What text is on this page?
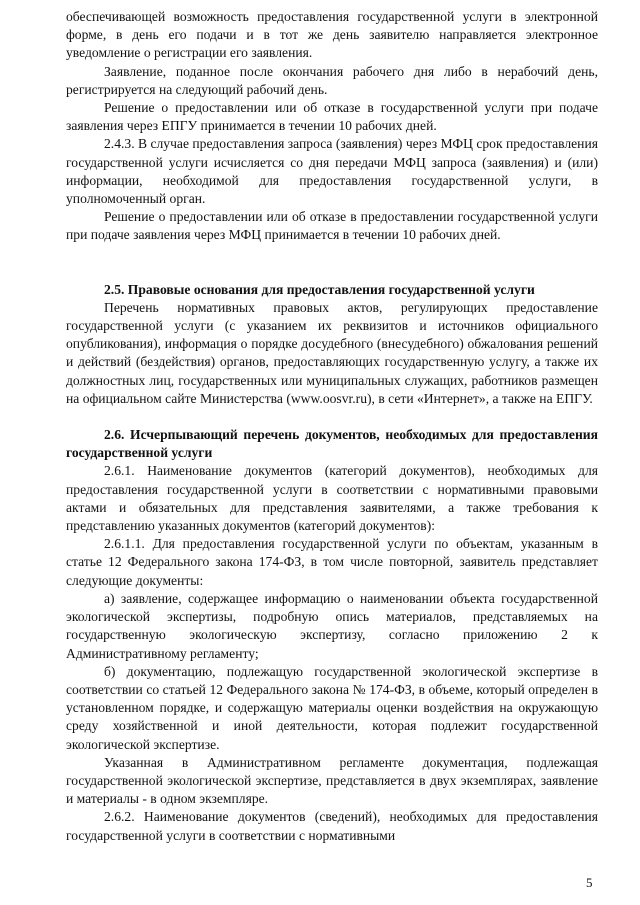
обеспечивающей возможность предоставления государственной услуги в электронной форме, в день его подачи и в тот же день заявителю направляется электронное уведомление о регистрации его заявления.

Заявление, поданное после окончания рабочего дня либо в нерабочий день, регистрируется на следующий рабочий день.

Решение о предоставлении или об отказе в государственной услуги при подаче заявления через ЕПГУ принимается в течении 10 рабочих дней.

2.4.3. В случае предоставления запроса (заявления) через МФЦ срок предоставления государственной услуги исчисляется со дня передачи МФЦ запроса (заявления) и (или) информации, необходимой для предоставления государственной услуги, в уполномоченный орган.

Решение о предоставлении или об отказе в предоставлении государственной услуги при подаче заявления через МФЦ принимается в течении 10 рабочих дней.

2.5. Правовые основания для предоставления государственной услуги

Перечень нормативных правовых актов, регулирующих предоставление государственной услуги (с указанием их реквизитов и источников официального опубликования), информация о порядке досудебного (внесудебного) обжалования решений и действий (бездействия) органов, предоставляющих государственную услугу, а также их должностных лиц, государственных или муниципальных служащих, работников размещен на официальном сайте Министерства (www.oosvr.ru), в сети «Интернет», а также на ЕПГУ.

2.6. Исчерпывающий перечень документов, необходимых для предоставления государственной услуги

2.6.1. Наименование документов (категорий документов), необходимых для предоставления государственной услуги в соответствии с нормативными правовыми актами и обязательных для представления заявителями, а также требования к представлению указанных документов (категорий документов):

2.6.1.1. Для предоставления государственной услуги по объектам, указанным в статье 12 Федерального закона 174-ФЗ, в том числе повторной, заявитель представляет следующие документы:

а) заявление, содержащее информацию о наименовании объекта государственной экологической экспертизы, подробную опись материалов, представляемых на государственную экологическую экспертизу, согласно приложению 2 к Административному регламенту;

б) документацию, подлежащую государственной экологической экспертизе в соответствии со статьей 12 Федерального закона № 174-ФЗ, в объеме, который определен в установленном порядке, и содержащую материалы оценки воздействия на окружающую среду хозяйственной и иной деятельности, которая подлежит государственной экологической экспертизе.

Указанная в Административном регламенте документация, подлежащая государственной экологической экспертизе, представляется в двух экземплярах, заявление и материалы - в одном экземпляре.

2.6.2. Наименование документов (сведений), необходимых для предоставления государственной услуги в соответствии с нормативными

5
